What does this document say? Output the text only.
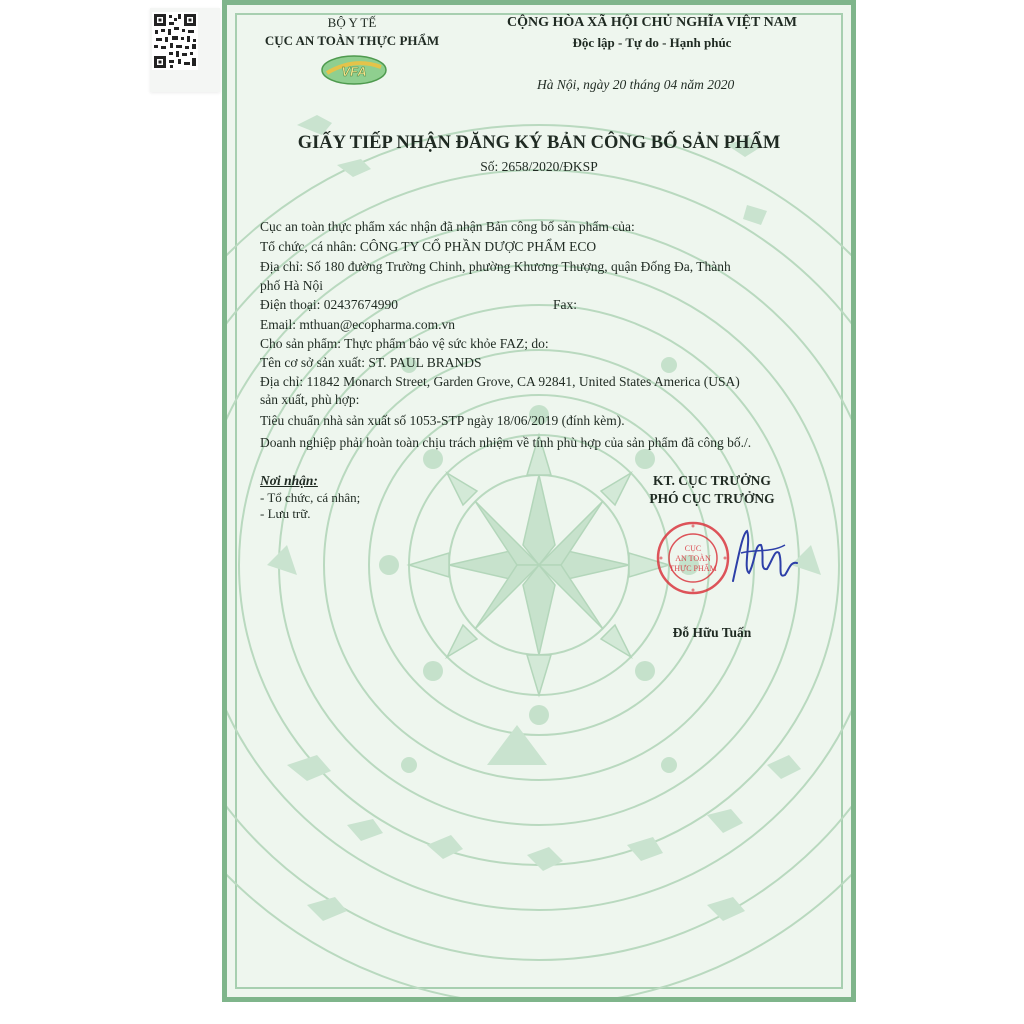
BỘ Y TẾ
CỤC AN TOÀN THỰC PHẨM
VFA
CỘNG HÒA XÃ HỘI CHỦ NGHĨA VIỆT NAM
Độc lập - Tự do - Hạnh phúc
Hà Nội, ngày 20 tháng 04 năm 2020
GIẤY TIẾP NHẬN ĐĂNG KÝ BẢN CÔNG BỐ SẢN PHẨM
Số: 2658/2020/ĐKSP
Cục an toàn thực phẩm xác nhận đã nhận Bản công bố sản phẩm của:
Tổ chức, cá nhân: CÔNG TY CỔ PHẦN DƯỢC PHẨM ECO
Địa chỉ: Số 180 đường Trường Chinh, phường Khương Thượng, quận Đống Đa, Thành
phố Hà Nội
Điện thoại: 02437674990	Fax:
Email: mthuan@ecopharma.com.vn
Cho sản phẩm: Thực phẩm bảo vệ sức khỏe FAZ; do:
Tên cơ sở sản xuất: ST. PAUL BRANDS
Địa chỉ: 11842 Monarch Street, Garden Grove, CA 92841, United States America (USA)
sản xuất, phù hợp:
Tiêu chuẩn nhà sản xuất số 1053-STP ngày 18/06/2019 (đính kèm).
Doanh nghiệp phải hoàn toàn chịu trách nhiệm về tính phù hợp của sản phẩm đã công bố./.
Nơi nhận:
- Tổ chức, cá nhân;
- Lưu trữ.
KT. CỤC TRƯỞNG
PHÓ CỤC TRƯỞNG
CỤC
AN TOÀN
THỰC PHẨM
Đỗ Hữu Tuấn
